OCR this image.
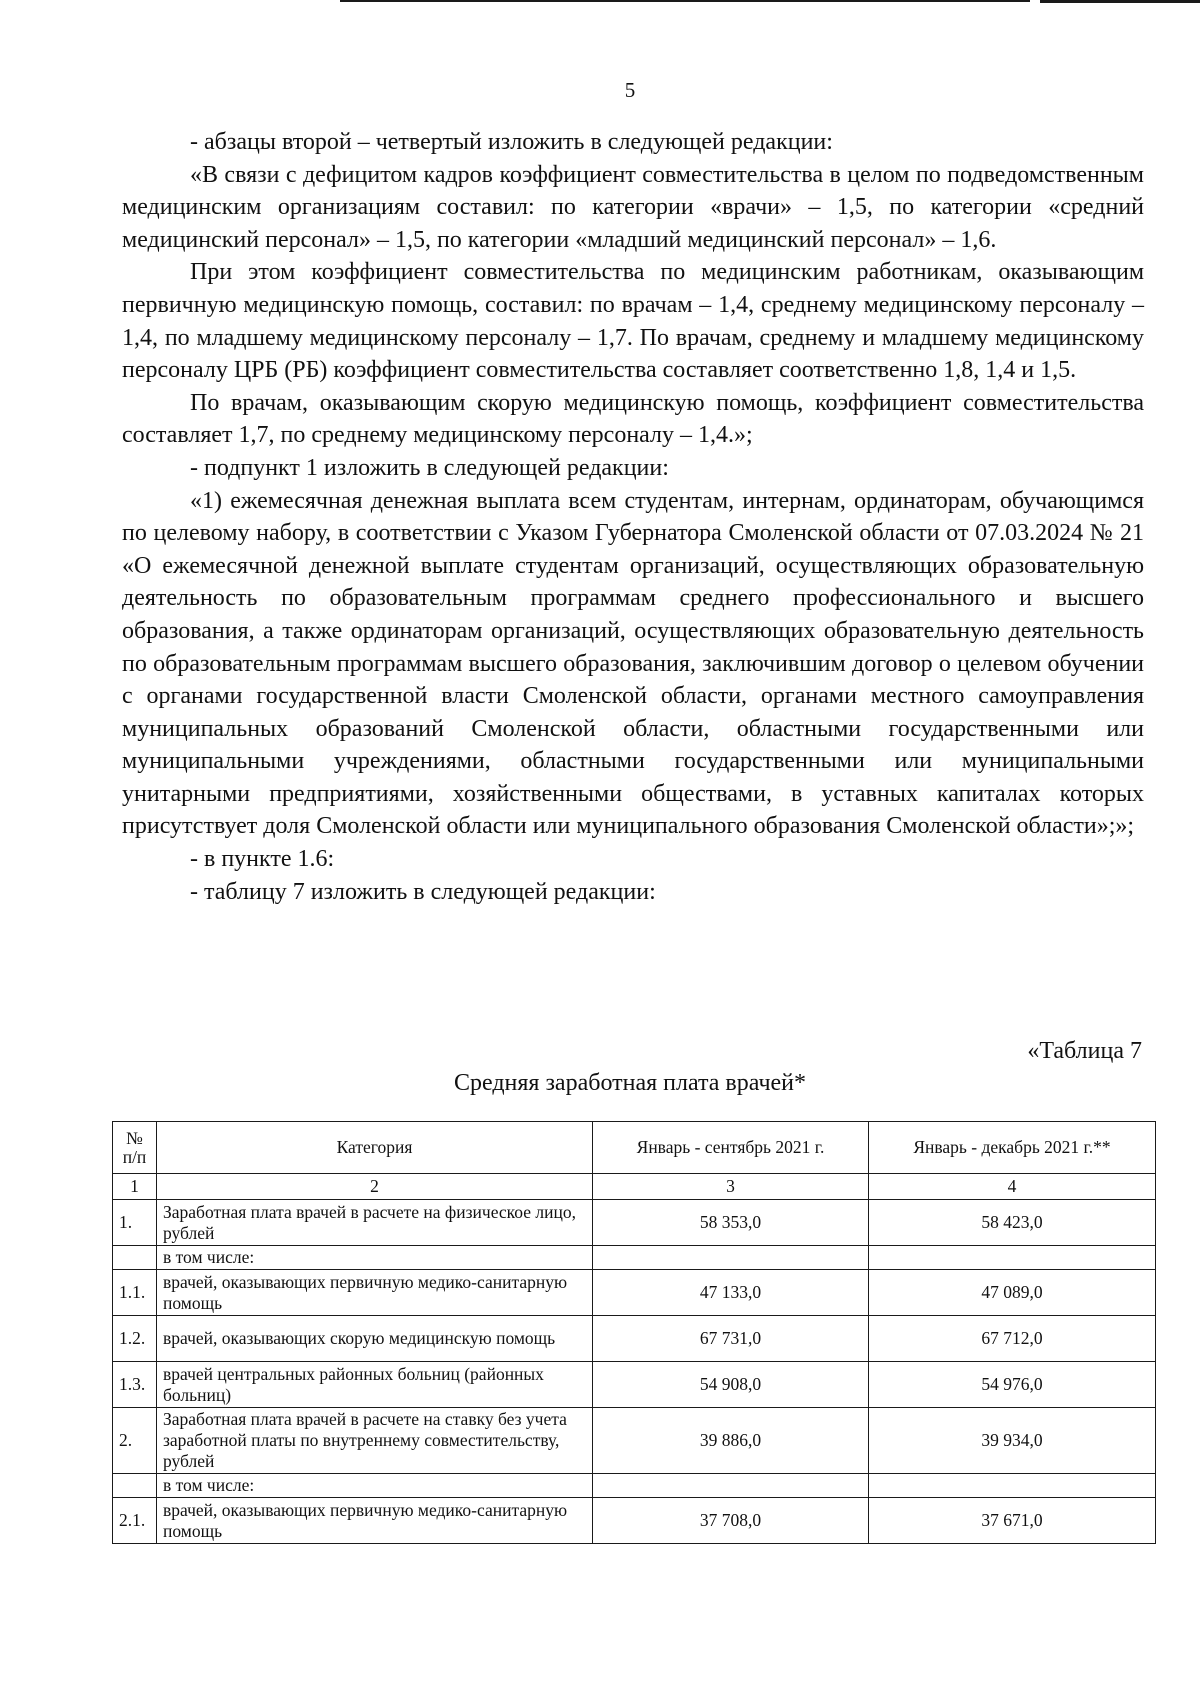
5

- абзацы второй – четвертый изложить в следующей редакции:

«В связи с дефицитом кадров коэффициент совместительства в целом по подведомственным медицинским организациям составил: по категории «врачи» – 1,5, по категории «средний медицинский персонал» – 1,5, по категории «младший медицинский персонал» – 1,6.

При этом коэффициент совместительства по медицинским работникам, оказывающим первичную медицинскую помощь, составил: по врачам – 1,4, среднему медицинскому персоналу – 1,4, по младшему медицинскому персоналу – 1,7. По врачам, среднему и младшему медицинскому персоналу ЦРБ (РБ) коэффициент совместительства составляет соответственно 1,8, 1,4 и 1,5.

По врачам, оказывающим скорую медицинскую помощь, коэффициент совместительства составляет 1,7, по среднему медицинскому персоналу – 1,4.»;

- подпункт 1 изложить в следующей редакции:

«1) ежемесячная денежная выплата всем студентам, интернам, ординаторам, обучающимся по целевому набору, в соответствии с Указом Губернатора Смоленской области от 07.03.2024 № 21 «О ежемесячной денежной выплате студентам организаций, осуществляющих образовательную деятельность по образовательным программам среднего профессионального и высшего образования, а также ординаторам организаций, осуществляющих образовательную деятельность по образовательным программам высшего образования, заключившим договор о целевом обучении с органами государственной власти Смоленской области, органами местного самоуправления муниципальных образований Смоленской области, областными государственными или муниципальными учреждениями, областными государственными или муниципальными унитарными предприятиями, хозяйственными обществами, в уставных капиталах которых присутствует доля Смоленской области или муниципального образования Смоленской области»;»;

- в пункте 1.6:

- таблицу 7 изложить в следующей редакции:

«Таблица 7
Средняя заработная плата врачей*
№
п/п	Категория	Январь - сентябрь 2021 г.	Январь - декабрь 2021 г.**
1	2	3	4
1.	Заработная плата врачей в расчете на физическое лицо, рублей	58 353,0	58 423,0
	в том числе:		
1.1.	врачей, оказывающих первичную медико-санитарную помощь	47 133,0	47 089,0
1.2.	врачей, оказывающих скорую медицинскую помощь	67 731,0	67 712,0
1.3.	врачей центральных районных больниц (районных больниц)	54 908,0	54 976,0
2.	Заработная плата врачей в расчете на ставку без учета заработной платы по внутреннему совместительству, рублей	39 886,0	39 934,0
	в том числе:		
2.1.	врачей, оказывающих первичную медико-санитарную помощь	37 708,0	37 671,0
